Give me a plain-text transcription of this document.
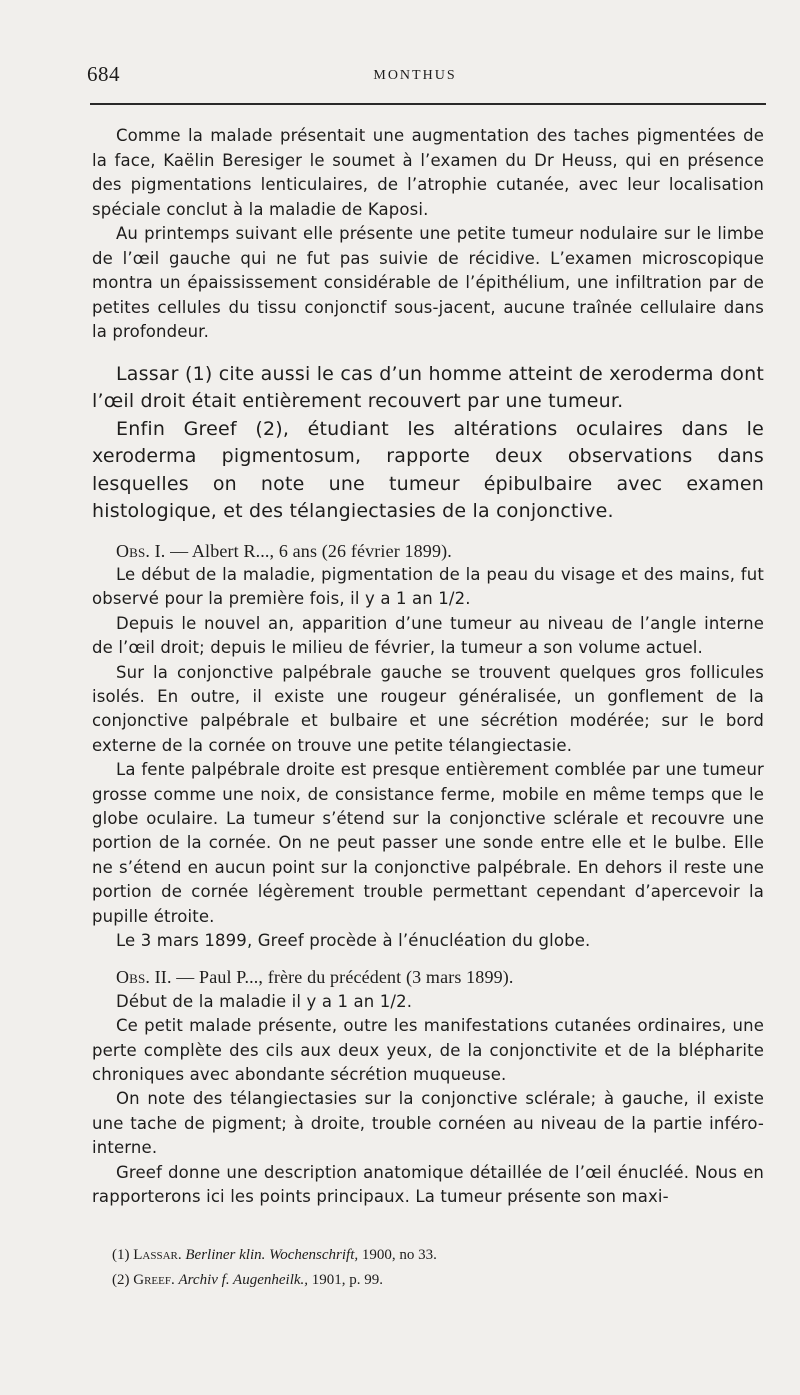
684	MONTHUS

Comme la malade présentait une augmentation des taches pigmentées de la face, Kaëlin Beresiger le soumet à l’examen du Dr Heuss, qui en présence des pigmentations lenticulaires, de l’atrophie cutanée, avec leur localisation spéciale conclut à la maladie de Kaposi.

Au printemps suivant elle présente une petite tumeur nodulaire sur le limbe de l’œil gauche qui ne fut pas suivie de récidive. L’examen microscopique montra un épaississement considérable de l’épithélium, une infiltration par de petites cellules du tissu conjonctif sous-jacent, aucune traînée cellulaire dans la profondeur.

Lassar (1) cite aussi le cas d’un homme atteint de xeroderma dont l’œil droit était entièrement recouvert par une tumeur.

Enfin Greef (2), étudiant les altérations oculaires dans le xeroderma pigmentosum, rapporte deux observations dans lesquelles on note une tumeur épibulbaire avec examen histologique, et des télangiectasies de la conjonctive.

Obs. I. — Albert R..., 6 ans (26 février 1899).

Le début de la maladie, pigmentation de la peau du visage et des mains, fut observé pour la première fois, il y a 1 an 1/2.

Depuis le nouvel an, apparition d’une tumeur au niveau de l’angle interne de l’œil droit; depuis le milieu de février, la tumeur a son volume actuel.

Sur la conjonctive palpébrale gauche se trouvent quelques gros follicules isolés. En outre, il existe une rougeur généralisée, un gonflement de la conjonctive palpébrale et bulbaire et une sécrétion modérée; sur le bord externe de la cornée on trouve une petite télangiectasie.

La fente palpébrale droite est presque entièrement comblée par une tumeur grosse comme une noix, de consistance ferme, mobile en même temps que le globe oculaire. La tumeur s’étend sur la conjonctive sclérale et recouvre une portion de la cornée. On ne peut passer une sonde entre elle et le bulbe. Elle ne s’étend en aucun point sur la conjonctive palpébrale. En dehors il reste une portion de cornée légèrement trouble permettant cependant d’apercevoir la pupille étroite.

Le 3 mars 1899, Greef procède à l’énucléation du globe.

Obs. II. — Paul P..., frère du précédent (3 mars 1899).

Début de la maladie il y a 1 an 1/2.

Ce petit malade présente, outre les manifestations cutanées ordinaires, une perte complète des cils aux deux yeux, de la conjonctivite et de la blépharite chroniques avec abondante sécrétion muqueuse.

On note des télangiectasies sur la conjonctive sclérale; à gauche, il existe une tache de pigment; à droite, trouble cornéen au niveau de la partie inféro-interne.

Greef donne une description anatomique détaillée de l’œil énucléé. Nous en rapporterons ici les points principaux. La tumeur présente son maxi-

(1) Lassar. Berliner klin. Wochenschrift, 1900, no 33.
(2) Greef. Archiv f. Augenheilk., 1901, p. 99.
